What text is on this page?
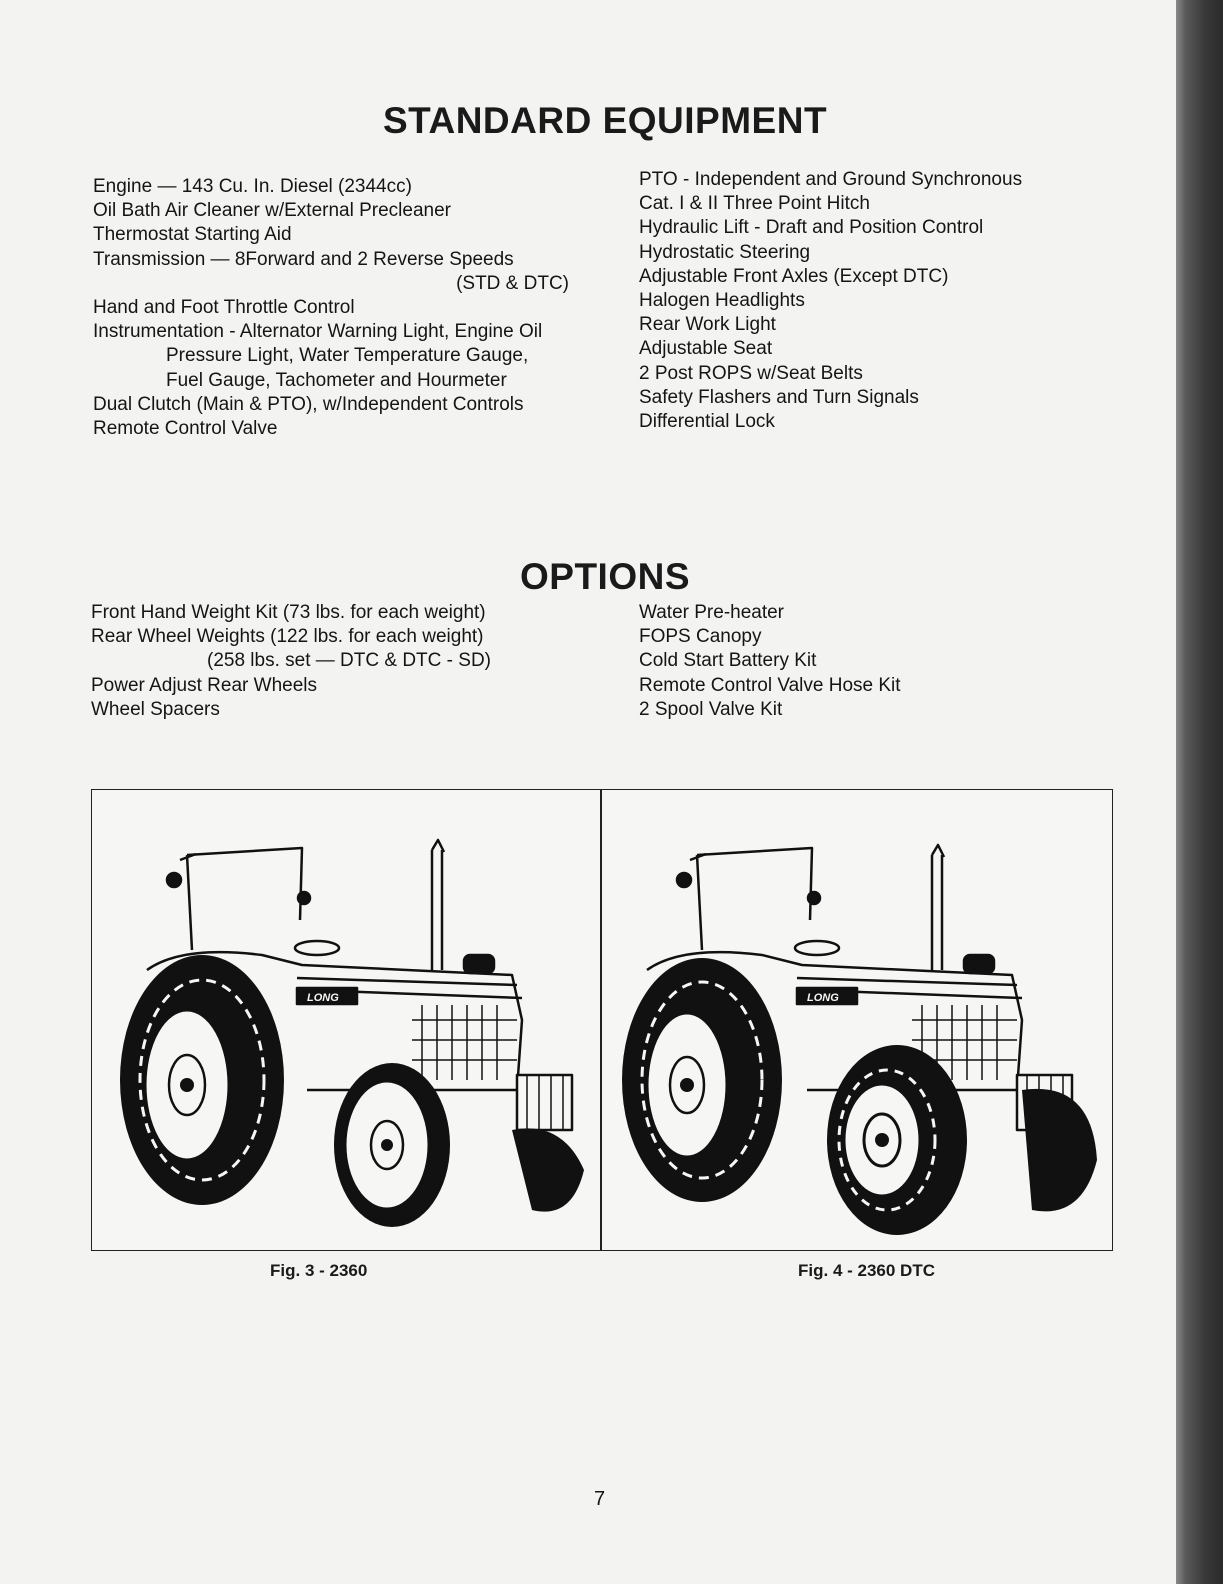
STANDARD EQUIPMENT
Engine — 143 Cu. In. Diesel (2344cc)
Oil Bath Air Cleaner w/External Precleaner
Thermostat Starting Aid
Transmission — 8Forward and 2 Reverse Speeds
(STD & DTC)
Hand and Foot Throttle Control
Instrumentation - Alternator Warning Light, Engine Oil
Pressure Light, Water Temperature Gauge,
Fuel Gauge, Tachometer and Hourmeter
Dual Clutch (Main & PTO), w/Independent Controls
Remote Control Valve
PTO - Independent and Ground Synchronous
Cat. I & II Three Point Hitch
Hydraulic Lift - Draft and Position Control
Hydrostatic Steering
Adjustable Front Axles (Except DTC)
Halogen Headlights
Rear Work Light
Adjustable Seat
2 Post ROPS w/Seat Belts
Safety Flashers and Turn Signals
Differential Lock
OPTIONS
Front Hand Weight Kit (73 lbs. for each weight)
Rear Wheel Weights (122 lbs. for each weight)
(258 lbs. set — DTC & DTC - SD)
Power Adjust Rear Wheels
Wheel Spacers
Water Pre-heater
FOPS Canopy
Cold Start Battery Kit
Remote Control Valve Hose Kit
2 Spool Valve Kit
LONG	LONG
Fig. 3 - 2360	Fig. 4 - 2360 DTC
7
